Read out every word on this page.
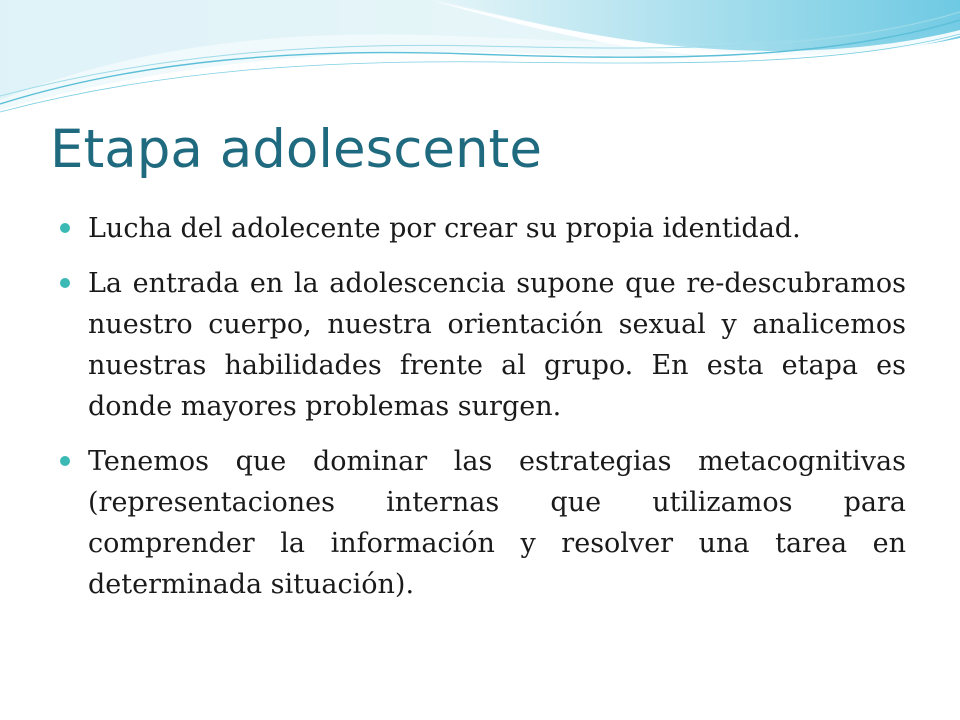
Etapa adolescente
Lucha del adolecente por crear su propia identidad.
La entrada en la adolescencia supone que re-descubramos nuestro cuerpo, nuestra orientación sexual y analicemos nuestras habilidades frente al grupo. En esta etapa es donde mayores problemas surgen.
Tenemos que dominar las estrategias metacognitivas (representaciones internas que utilizamos para comprender la información y resolver una tarea en determinada situación).
